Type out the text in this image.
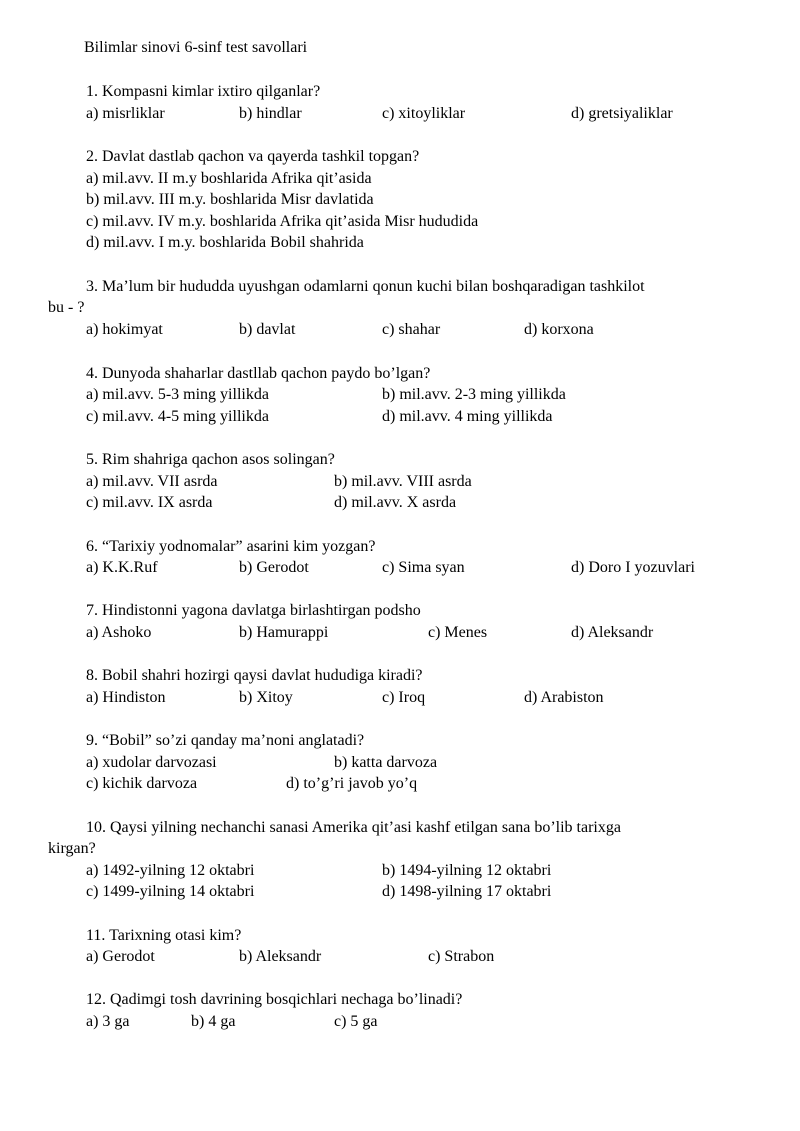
Bilimlar sinovi 6-sinf test savollari
1. Kompasni kimlar ixtiro qilganlar?
a) misrliklar	b) hindlar	c) xitoyliklar	d) gretsiyaliklar
2. Davlat dastlab qachon va qayerda tashkil topgan?
a) mil.avv. II m.y boshlarida Afrika qit’asida
b) mil.avv. III m.y. boshlarida Misr davlatida
c) mil.avv. IV m.y. boshlarida Afrika qit’asida Misr hududida
d) mil.avv. I m.y. boshlarida Bobil shahrida
3. Ma’lum bir hududda uyushgan odamlarni qonun kuchi bilan boshqaradigan tashkilot
bu - ?
a) hokimyat	b) davlat	c) shahar	d) korxona
4. Dunyoda shaharlar dastllab qachon paydo bo’lgan?
a) mil.avv. 5-3 ming yillikda	b) mil.avv. 2-3 ming yillikda
c) mil.avv. 4-5 ming yillikda	d) mil.avv. 4 ming yillikda
5. Rim shahriga qachon asos solingan?
a) mil.avv. VII asrda	b) mil.avv. VIII asrda
c) mil.avv. IX asrda	d) mil.avv. X asrda
6. “Tarixiy yodnomalar” asarini kim yozgan?
a) K.K.Ruf	b) Gerodot	c) Sima syan	d) Doro I yozuvlari
7. Hindistonni yagona davlatga birlashtirgan podsho
a) Ashoko	b) Hamurappi	c) Menes	d) Aleksandr
8. Bobil shahri hozirgi qaysi davlat hududiga kiradi?
a) Hindiston	b) Xitoy	c) Iroq	d) Arabiston
9. “Bobil” so’zi qanday ma’noni anglatadi?
a) xudolar darvozasi	b) katta darvoza
c) kichik darvoza	d) to’g’ri javob yo’q
10. Qaysi yilning nechanchi sanasi Amerika qit’asi kashf etilgan sana bo’lib tarixga
kirgan?
a) 1492-yilning 12 oktabri	b) 1494-yilning 12 oktabri
c) 1499-yilning 14 oktabri	d) 1498-yilning 17 oktabri
11. Tarixning otasi kim?
a) Gerodot	b) Aleksandr	c) Strabon
12. Qadimgi tosh davrining bosqichlari nechaga bo’linadi?
a) 3 ga	b) 4 ga	c) 5 ga
